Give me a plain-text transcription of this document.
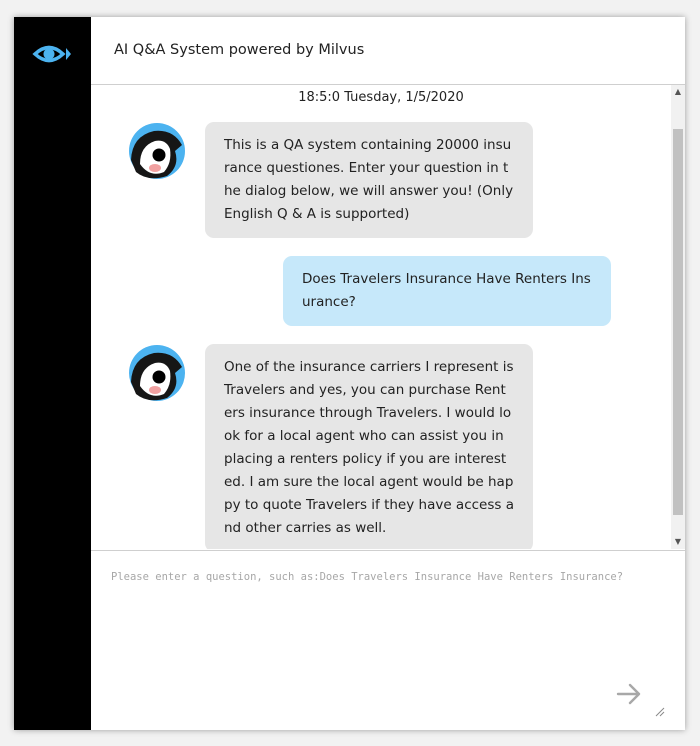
AI Q&A System powered by Milvus
18:5:0 Tuesday, 1/5/2020
This is a QA system containing 20000 insurance questiones. Enter your question in the dialog below, we will answer you! (Only English Q & A is supported)
Does Travelers Insurance Have Renters Insurance?
One of the insurance carriers I represent is Travelers and yes, you can purchase Renters insurance through Travelers. I would look for a local agent who can assist you in placing a renters policy if you are interested. I am sure the local agent would be happy to quote Travelers if they have access and other carries as well.
▲
▼
Please enter a question, such as:Does Travelers Insurance Have Renters Insurance?
